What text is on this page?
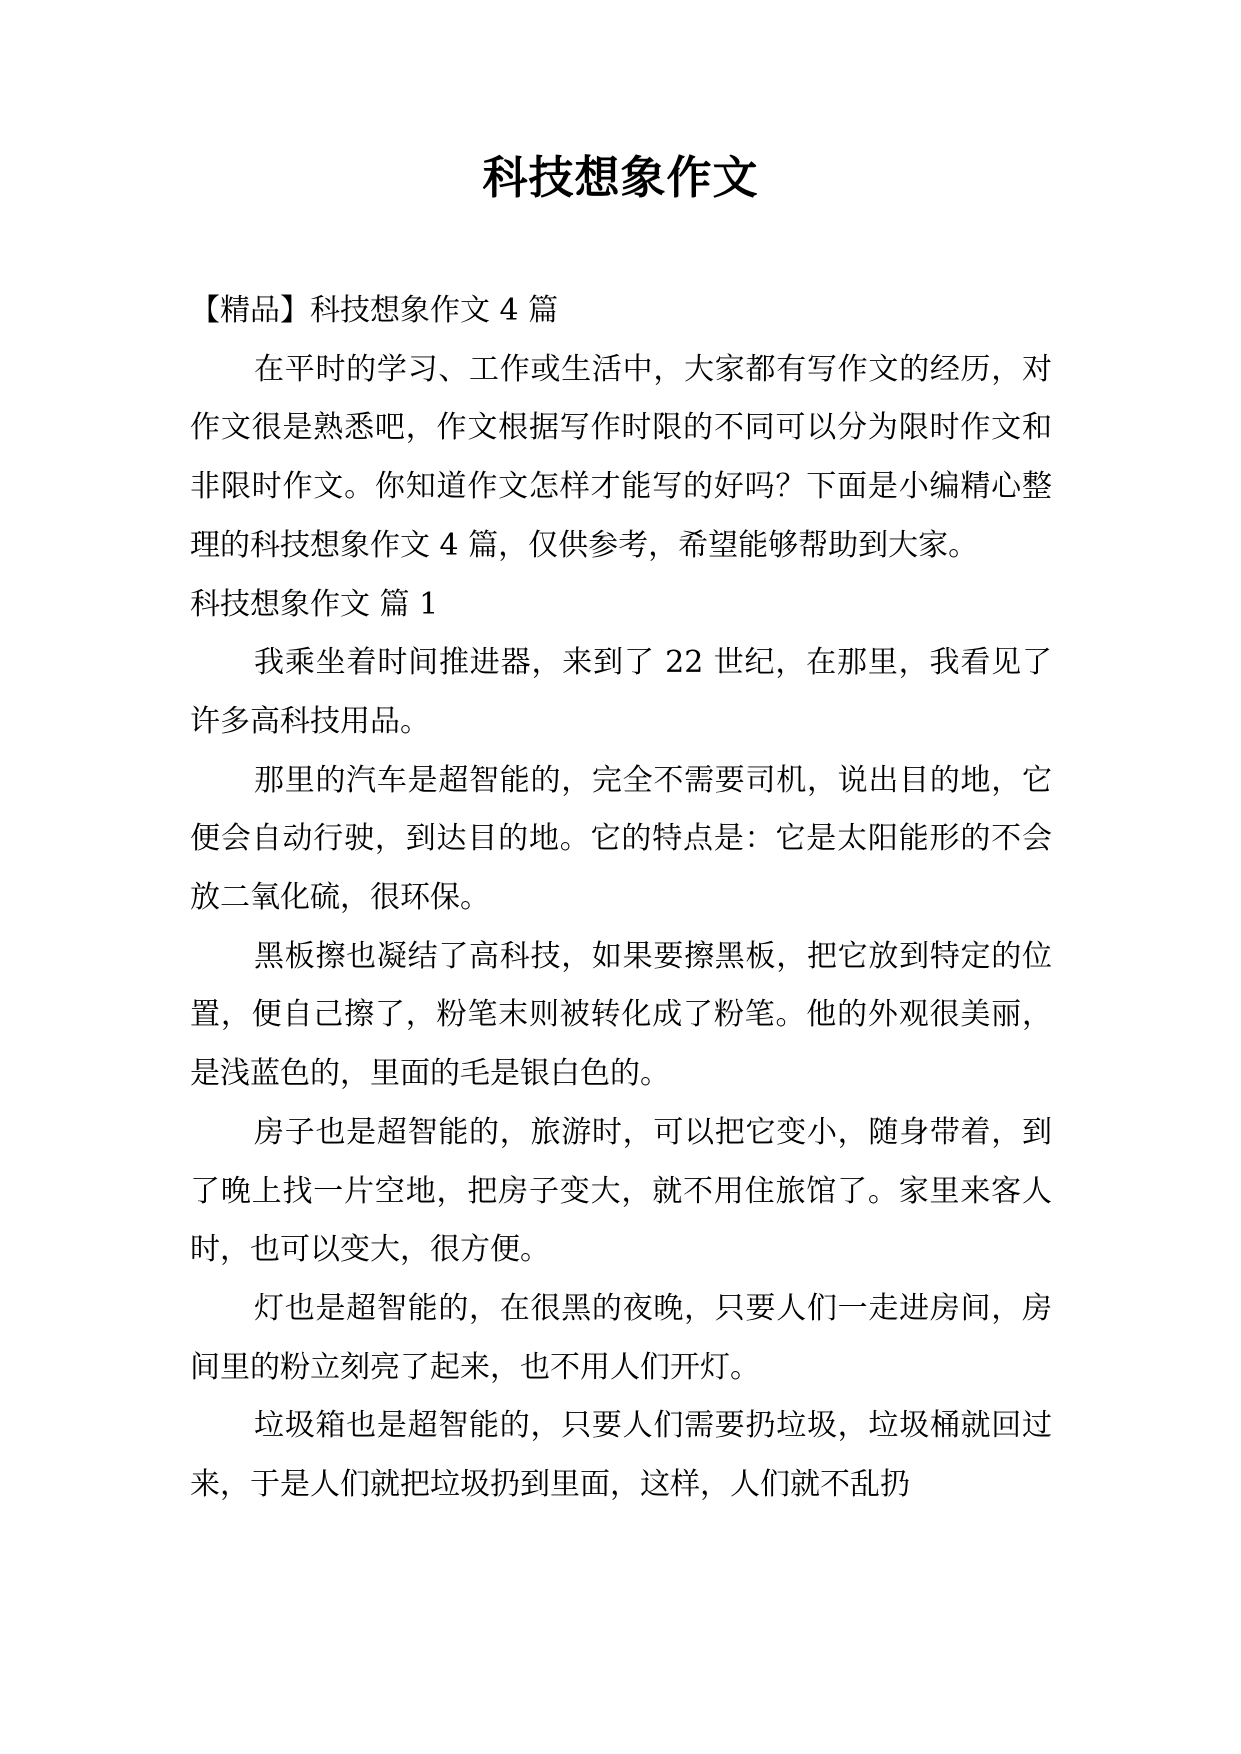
科技想象作文

【精品】科技想象作文 4 篇

在平时的学习、工作或生活中，大家都有写作文的经历，对作文很是熟悉吧，作文根据写作时限的不同可以分为限时作文和非限时作文。你知道作文怎样才能写的好吗？下面是小编精心整理的科技想象作文 4 篇，仅供参考，希望能够帮助到大家。

科技想象作文 篇 1

我乘坐着时间推进器，来到了 22 世纪，在那里，我看见了许多高科技用品。

那里的汽车是超智能的，完全不需要司机，说出目的地，它便会自动行驶，到达目的地。它的特点是：它是太阳能形的不会放二氧化硫，很环保。

黑板擦也凝结了高科技，如果要擦黑板，把它放到特定的位置，便自己擦了，粉笔末则被转化成了粉笔。他的外观很美丽，是浅蓝色的，里面的毛是银白色的。

房子也是超智能的，旅游时，可以把它变小，随身带着，到了晚上找一片空地，把房子变大，就不用住旅馆了。家里来客人时，也可以变大，很方便。

灯也是超智能的，在很黑的夜晚，只要人们一走进房间，房间里的粉立刻亮了起来，也不用人们开灯。

垃圾箱也是超智能的，只要人们需要扔垃圾，垃圾桶就回过来，于是人们就把垃圾扔到里面，这样，人们就不乱扔
